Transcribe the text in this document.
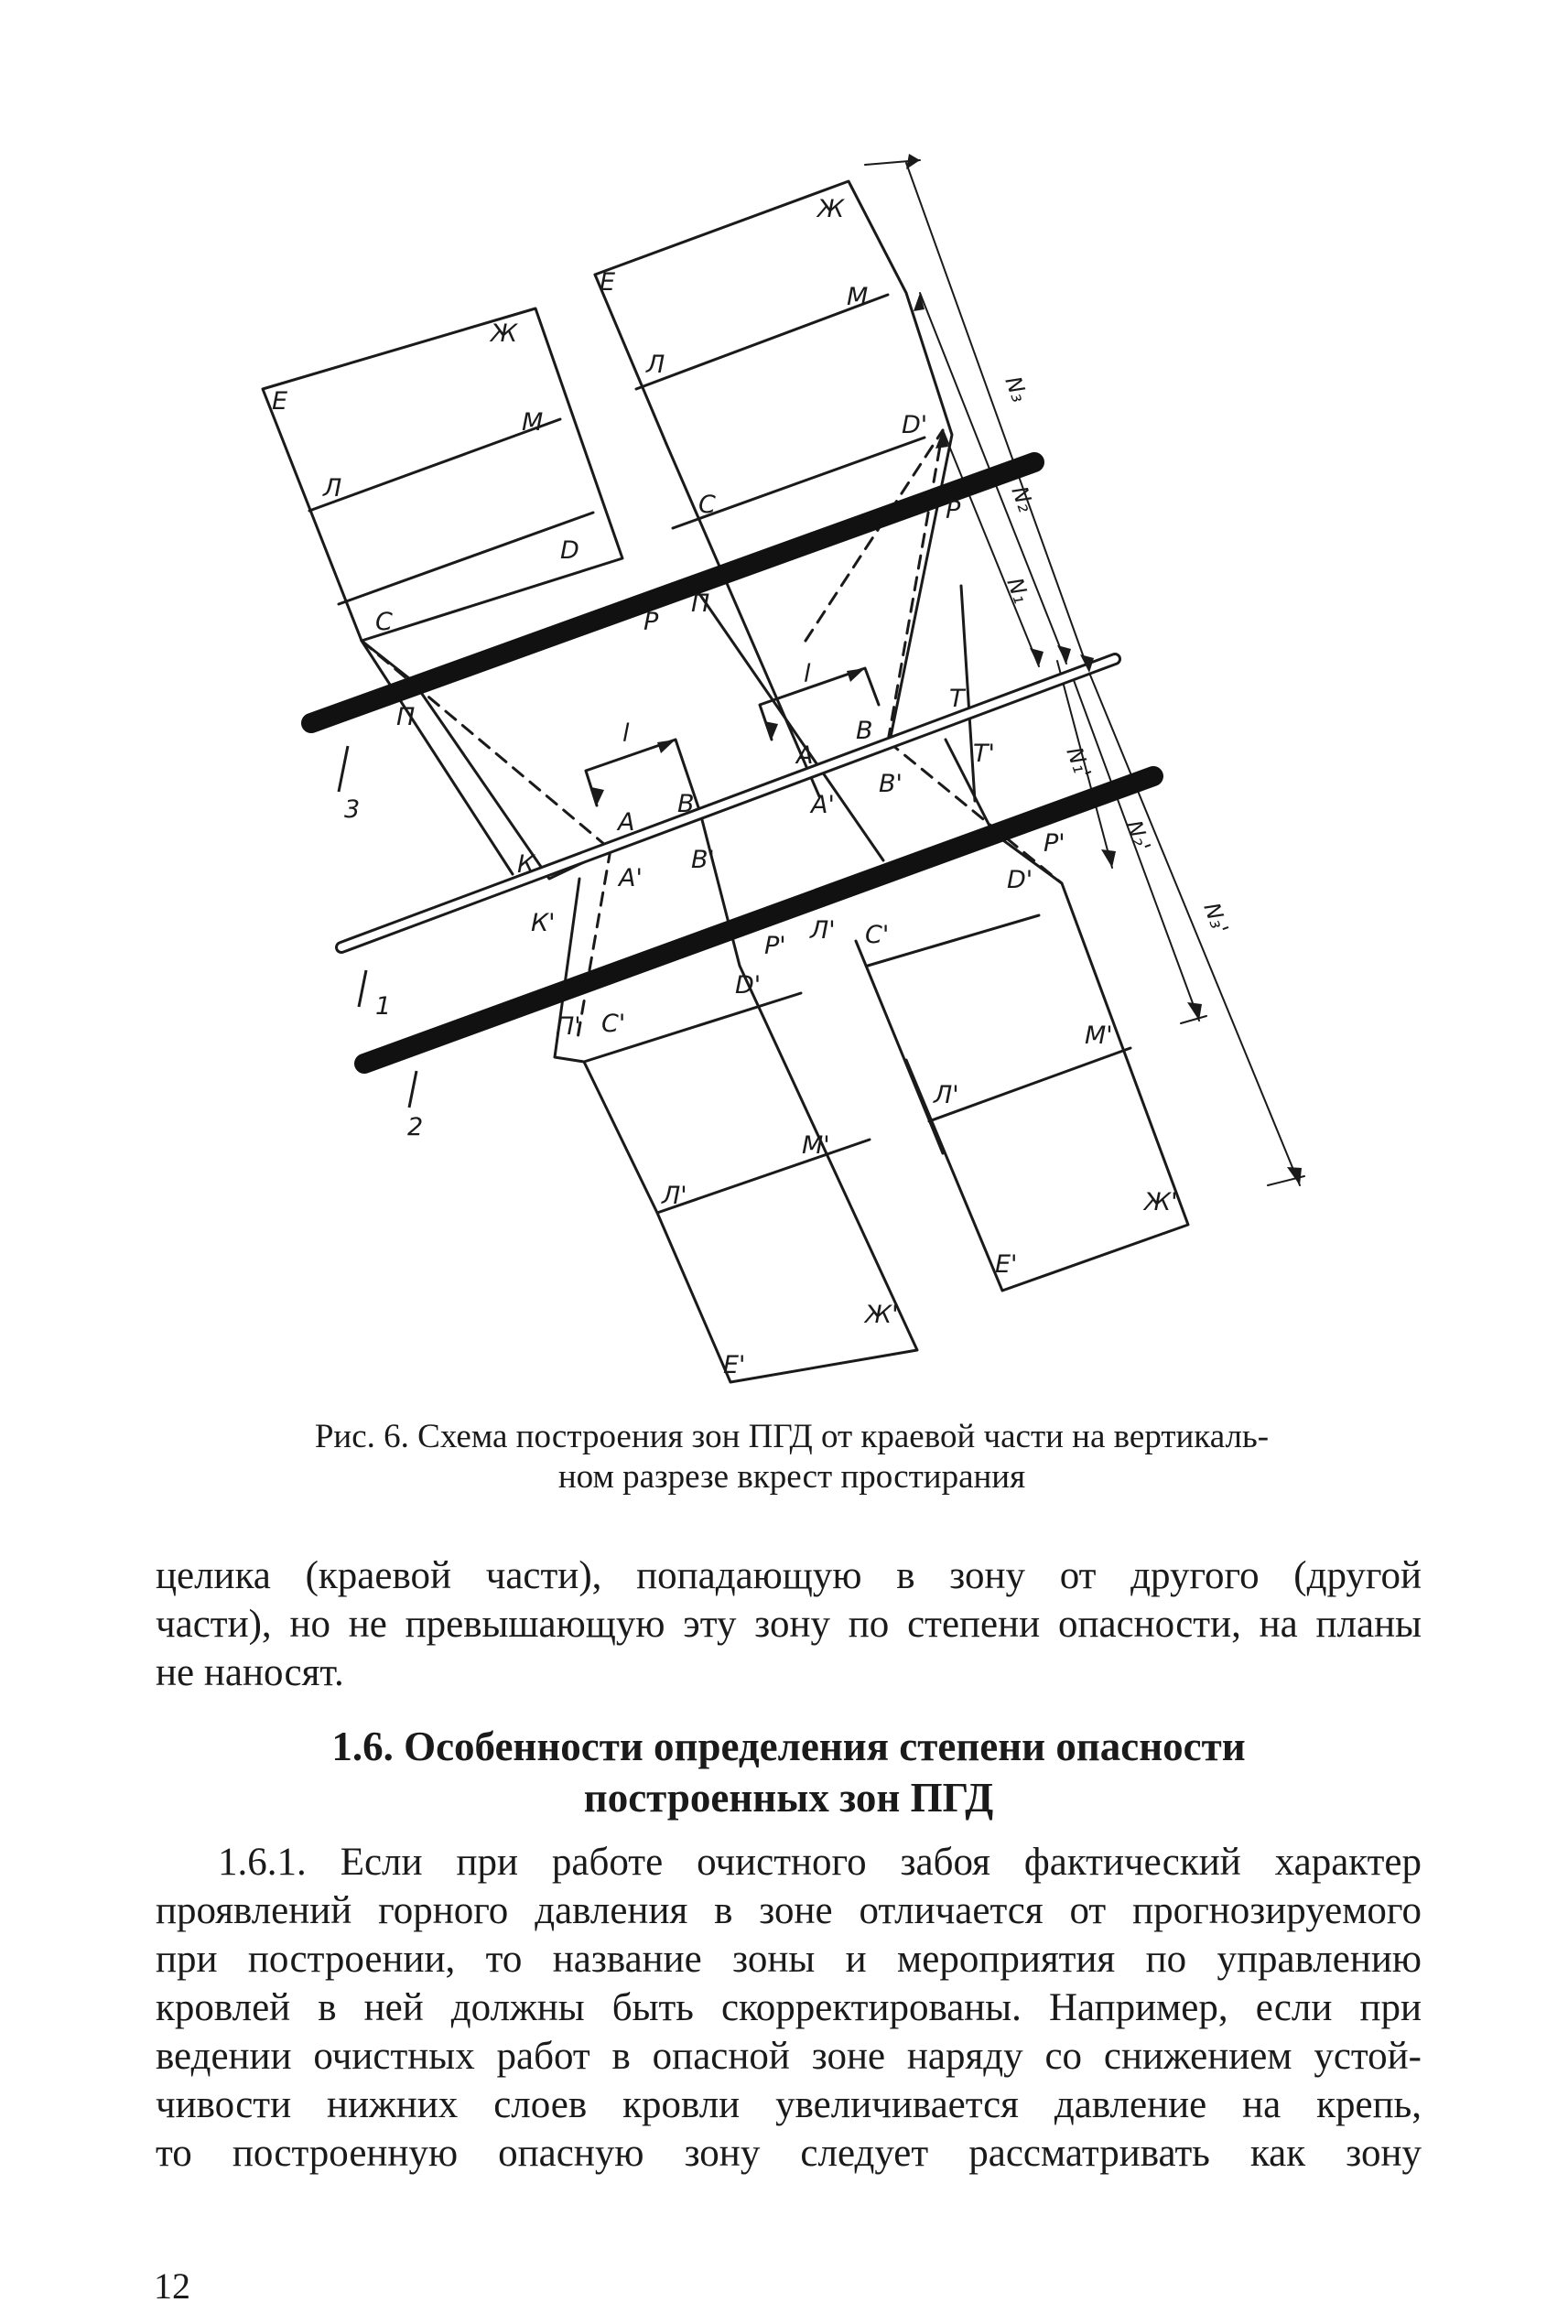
Е
Ж
М
Л
D
С
П
l
А
В
К
К'
А'
В'
П' С'
D'
М'
Л'
Ж'
Е'
1
2
3
Е
Ж
М
Л
D'
С	Р
Р
П
l
А
В
А'
В'
Т
Т'
Р'
Р'
Л' С'
D'
М'
Л'
Ж'
Е'
N₃
N₂
N₁
N₁'
N₂'
N₃'
Рис. 6. Схема построения зон ПГД от краевой части на вертикаль-
ном разрезе вкрест простирания
целика (краевой части), попадающую в зону от другого (другой
части), но не превышающую эту зону по степени опасности, на планы
не наносят.
1.6. Особенности определения степени опасности
построенных зон ПГД
1.6.1. Если при работе очистного забоя фактический характер
проявлений горного давления в зоне отличается от прогнозируемого
при построении, то название зоны и мероприятия по управлению
кровлей в ней должны быть скорректированы. Например, если при
ведении очистных работ в опасной зоне наряду со снижением устой-
чивости нижних слоев кровли увеличивается давление на крепь,
то построенную опасную зону следует рассматривать как зону
12
